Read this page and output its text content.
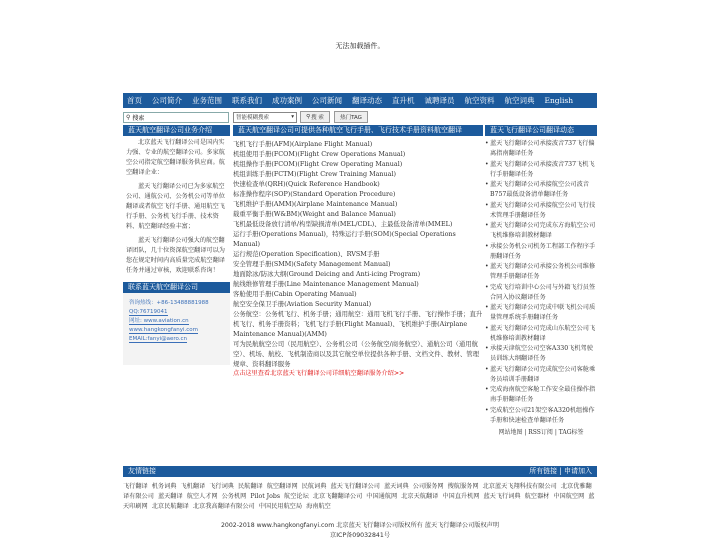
无法加载插件。
首页 公司简介 业务范围 联系我们 成功案例 公司新闻 翻译动态 直升机 诚聘译员 航空资料 航空词典 English
⚲
搜索	智能模糊搜索	▾ ⚲ 搜 索	热门TAG
蓝天航空翻译公司业务介绍

北京蓝天飞行翻译公司是国内实力强、专业的航空翻译公司。多家航空公司指定航空翻译服务供应商。航空翻译企业：

蓝天飞行翻译公司已为多家航空公司、通航公司、公务机公司等单位翻译或者航空飞行手册、通用航空飞行手册、公务机飞行手册、技术资料、航空翻译经验丰富；

蓝天飞行翻译公司强大的航空翻译团队，几十位资深航空翻译可以为您在规定时间内高质量完成航空翻译任务并通过审核，欢迎联系咨询！

联系蓝天航空翻译公司
咨询热线：+86-13488881988
QQ:76719041
网址: www.aviation.cn
www.hangkongfanyi.com
EMAIL:fanyi@aero.cn
蓝天航空翻译公司可提供各种航空飞行手册、飞行技术手册资料航空翻译
飞机飞行手册(AFM)(Airplane Flight Manual)
机组使用手册(FCOM)(Flight Crew Operations Manual)
机组操作手册(FCOM)(Flight Crew Operating Manual)
机组训练手册(FCTM)(Flight Crew Training Manual)
快速检查单(QRH)(Quick Reference Handbook)
标准操作程序(SOP)(Standard Operation Procedure)
飞机维护手册(AMM)(Airplane Maintenance Manual)
载重平衡手册(W&BM)(Weight and Balance Manual)
飞机最低设备放行清单/构型缺损清单(MEL/CDL)、主最低设备清单(MMEL)
运行手册(Operations Manual)，特殊运行手册(SOM)(Special Operations Manual)
运行规范(Operation Specification)、RVSM手册
安全管理手册(SMM)(Safety Management Manual)
地面除冰/防冰大纲(Ground Deicing and Anti-icing Program)
航线维修管理手册(Line Maintenance Management Manual)
客舱使用手册(Cabin Operating Manual)
航空安全保卫手册(Aviation Security Manual)
公务航空：公务机飞行、机务手册；通用航空：通用飞机飞行手册、飞行操作手册；直升机飞行、机务手册资料；飞机飞行手册(Flight Manual)、飞机维护手册(Airplane Maintenance Manual)(AMM)
可为民航航空公司（民用航空）、公务机公司（公务航空/商务航空）、通航公司（通用航空）、机场、航校、飞机制造商以及其它航空单位提供各种手册、文档文件、教材、管理规章、资料翻译服务
点击这里查看北京蓝天飞行翻译公司详细航空翻译服务介绍>>
蓝天飞行翻译公司翻译动态
• 蓝天飞行翻译公司承接波音737飞行偏离指南翻译任务
• 蓝天飞行翻译公司承接波音737飞机飞行手册翻译任务
• 蓝天飞行翻译公司承接航空公司波音B757最低设备清单翻译任务
• 蓝天飞行翻译公司承接航空公司飞行技术管理手册翻译任务
• 蓝天飞行翻译公司完成东方海航空公司飞机维修培训教材翻译
• 承接公务机公司机务工程部工作程序手册翻译任务
• 蓝天飞行翻译公司承接公务机公司维修管理手册翻译任务
• 完成飞行培训中心公司与外籍飞行员签合同入协议翻译任务
• 蓝天飞行翻译公司完成中联飞机公司质量管理系统手册翻译任务
• 蓝天飞行翻译公司完成山东航空公司飞机维修培训教材翻译
• 承接天津航空公司空客A330飞机驾驶员训练大纲翻译任务
• 蓝天飞行翻译公司完成航空公司客舱乘务员培训手册翻译
• 完成海南航空客舱工作安全最佳操作指南手册翻译任务
• 完成航空公司21架空客A320机组操作手册和快速检查单翻译任务
网站地图 | RSS订阅 | TAG标签
友情链接	所有链接 | 申请加入
飞行翻译 机务词典 飞机翻译 飞行词典 民航翻译 航空翻译网 民航词典 蓝天飞行翻译公司 蓝天词典 公司服务网 搜航服务网 北京蓝天飞翔科技有限公司 北京优雅翻译有限公司 蓝天翻译 航空人才网 公务机网 Pilot Jobs 航空论坛 北京飞翻翻译公司 中国通航网 北京天航翻译 中国直升机网 蓝天飞行词典 航空器材 中国航空网 蓝天印刷网 北京民航翻译 北京我高翻译有限公司 中国民用航空局 海南航空
2002-2018 www.hangkongfanyi.com 北京蓝天飞行翻译公司版权所有 蓝天飞行翻译公司版权声明
京ICP备09032841号
